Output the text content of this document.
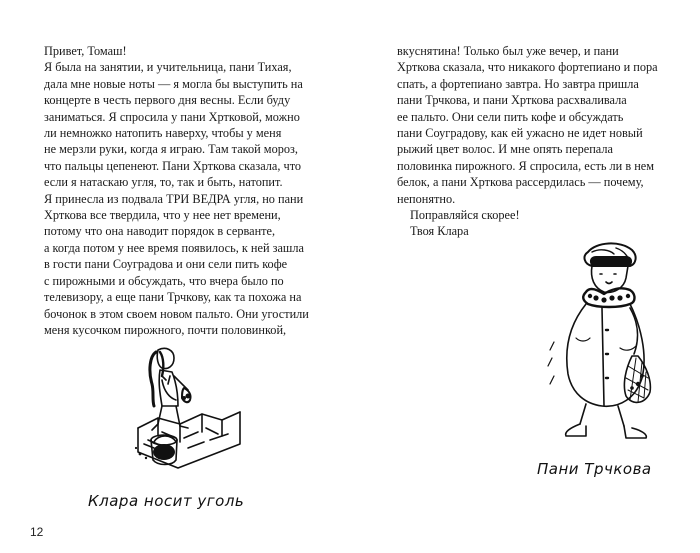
Привет, Томаш!
Я была на занятии, и учительница, пани Тихая,
дала мне новые ноты — я могла бы выступить на
концерте в честь первого дня весны. Если буду
заниматься. Я спросила у пани Хртковой, можно
ли немножко натопить наверху, чтобы у меня
не мерзли руки, когда я играю. Там такой мороз,
что пальцы цепенеют. Пани Хрткова сказала, что
если я натаскаю угля, то, так и быть, натопит.
Я принесла из подвала ТРИ ВЕДРА угля, но пани
Хрткова все твердила, что у нее нет времени,
потому что она наводит порядок в серванте,
а когда потом у нее время появилось, к ней зашла
в гости пани Соуградова и они сели пить кофе
с пирожными и обсуждать, что вчера было по
телевизору, а еще пани Трчкову, как та похожа на
бочонок в этом своем новом пальто. Они угостили
меня кусочком пирожного, почти половинкой,
Клара носит уголь
12
вкуснятина! Только был уже вечер, и пани
Хрткова сказала, что никакого фортепиано и пора
спать, а фортепиано завтра. Но завтра пришла
пани Трчкова, и пани Хрткова расхваливала
ее пальто. Они сели пить кофе и обсуждать
пани Соуградову, как ей ужасно не идет новый
рыжий цвет волос. И мне опять перепала
половинка пирожного. Я спросила, есть ли в нем
белок, а пани Хрткова рассердилась — почему,
непонятно.
Поправляйся скорее!
Твоя Клара
Пани Трчкова
